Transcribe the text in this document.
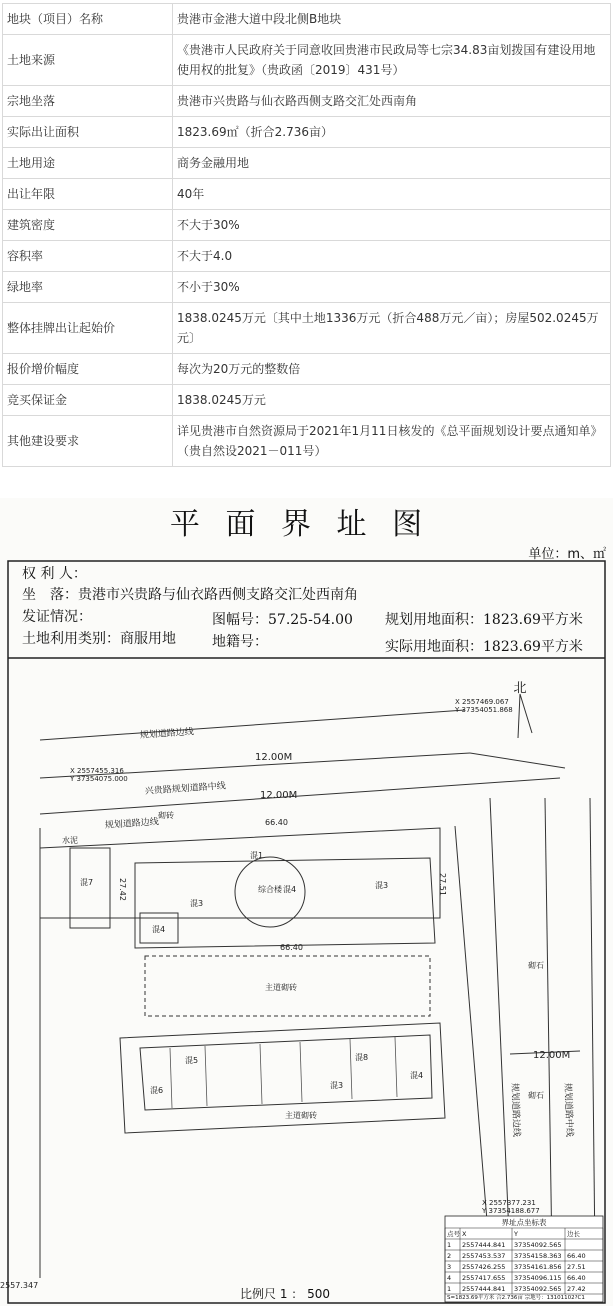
地块（项目）名称	贵港市金港大道中段北侧B地块
土地来源	《贵港市人民政府关于同意收回贵港市民政局等七宗34.83亩划拨国有建设用地使用权的批复》（贵政函〔2019〕431号）
宗地坐落	贵港市兴贵路与仙衣路西侧支路交汇处西南角
实际出让面积	1823.69㎡（折合2.736亩）
土地用途	商务金融用地
出让年限	40年
建筑密度	不大于30%
容积率	不大于4.0
绿地率	不小于30%
整体挂牌出让起始价	1838.0245万元〔其中土地1336万元（折合488万元／亩）；房屋502.0245万元〕
报价增价幅度	每次为20万元的整数倍
竞买保证金	1838.0245万元
其他建设要求	详见贵港市自然资源局于2021年1月11日核发的《总平面规划设计要点通知单》（贵自然设2021－011号）
平 面 界 址 图
单位：m、㎡
权 利 人：
坐　落：贵港市兴贵路与仙衣路西侧支路交汇处西南角
发证情况：	图幅号：57.25-54.00 规划用地面积：1823.69平方米
土地利用类别：商服用地	地籍号：	实际用地面积：1823.69平方米
北
规划道路边线
兴贵路规划道路中线
规划道路边线
规划道路边线	规划道路中线
12.00M
12.00M
12.00M
X 2557469.067
Y 37354051.868
X 2557455.316
Y 37354075.000
X 2557377.231
Y 37354188.677
2557.347
66.40
66.40
27.51
27.42	综合楼 混4
混3
混3
混4
混1
混7
水泥
砌砖
主道砌砖
主道砌砖
砌石
砌石
混5
混6
混8
混3
混4
界址点坐标表
点号 X	Y	边长
1 2557444.841 37354092.565
2 2557453.537 37354158.363 66.40
3 2557426.255 37354161.856 27.51
4 2557417.655 37354096.115 66.40
1 2557444.841 37354092.565 27.42
S=1823.69平方米 合2.736亩 宗地号：13101102?C1
比例尺 1 ： 500
